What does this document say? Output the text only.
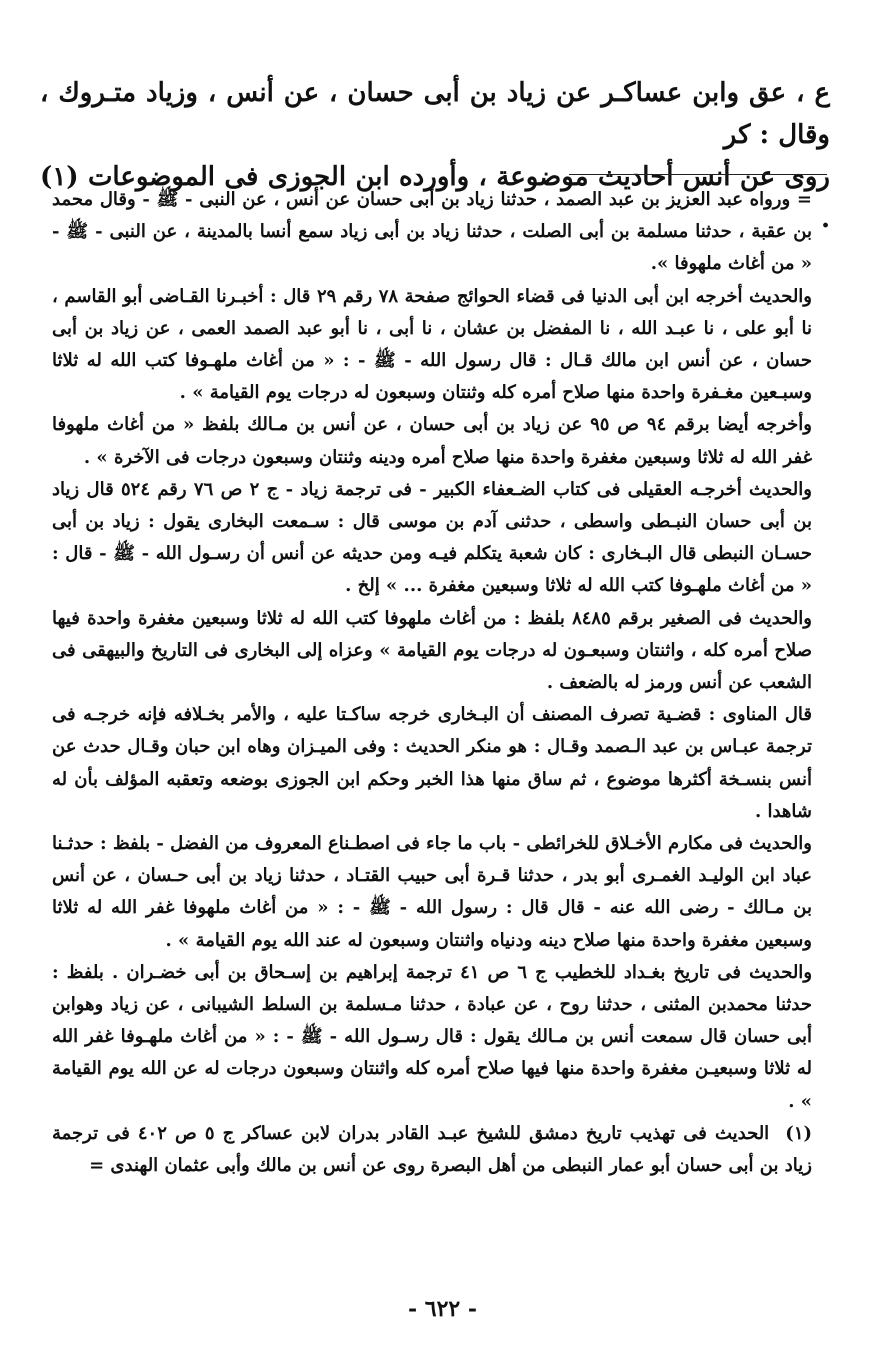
ع ، عق وابن عساكـر عن زياد بن أبى حسان ، عن أنس ، وزياد متـروك ، وقال : كر

روى عن أنس أحاديث موضوعة ، وأورده ابن الجوزى فى الموضوعات (١) .

= ورواه عبد العزيز بن عبد الصمد ، حدثنا زياد بن أبى حسان عن أنس ، عن النبى - ﷺ - وقال محمد بن عقبة ، حدثنا مسلمة بن أبى الصلت ، حدثنا زياد بن أبى زياد سمع أنسا بالمدينة ، عن النبى - ﷺ - « من أغاث ملهوفا ».

والحديث أخرجه ابن أبى الدنيا فى قضاء الحوائج صفحة ٧٨ رقم ٢٩ قال : أخبـرنا القـاضى أبو القاسم ، نا أبو على ، نا عبـد الله ، نا المفضل بن عشان ، نا أبى ، نا أبو عبد الصمد العمى ، عن زياد بن أبى حسان ، عن أنس ابن مالك قـال : قال رسول الله - ﷺ - : « من أغاث ملهـوفا كتب الله له ثلاثا وسبـعين مغـفرة واحدة منها صلاح أمره كله وثنتان وسبعون له درجات يوم القيامة » .

وأخرجه أيضا برقم ٩٤ ص ٩٥ عن زياد بن أبى حسان ، عن أنس بن مـالك بلفظ « من أغاث ملهوفا غفر الله له ثلاثا وسبعين مغفرة واحدة منها صلاح أمره ودينه وثنتان وسبعون درجات فى الآخرة » .

والحديث أخرجـه العقيلى فى كتاب الضـعفاء الكبير - فى ترجمة زياد - ج ٢ ص ٧٦ رقم ٥٢٤ قال زياد بن أبى حسان النبـطى واسطى ، حدثنى آدم بن موسى قال : سـمعت البخارى يقول : زياد بن أبى حسـان النبطى قال البـخارى : كان شعبة يتكلم فيـه ومن حديثه عن أنس أن رسـول الله - ﷺ - قال : « من أغاث ملهـوفا كتب الله له ثلاثا وسبعين مغفرة ... » إلخ .

والحديث فى الصغير برقم ٨٤٨٥ بلفظ : من أغاث ملهوفا كتب الله له ثلاثا وسبعين مغفرة واحدة فيها صلاح أمره كله ، واثنتان وسبعـون له درجات يوم القيامة » وعزاه إلى البخارى فى التاريخ والبيهقى فى الشعب عن أنس ورمز له بالضعف .

قال المناوى : قضـية تصرف المصنف أن البـخارى خرجه ساكـتا عليه ، والأمر بخـلافه فإنه خرجـه فى ترجمة عبـاس بن عبد الـصمد وقـال : هو منكر الحديث : وفى الميـزان وهاه ابن حبان وقـال حدث عن أنس بنسـخة أكثرها موضوع ، ثم ساق منها هذا الخبر وحكم ابن الجوزى بوضعه وتعقبه المؤلف بأن له شاهدا .

والحديث فى مكارم الأخـلاق للخرائطى - باب ما جاء فى اصطـناع المعروف من الفضل - بلفظ : حدثـنا عباد ابن الوليـد الغمـرى أبو بدر ، حدثنا قـرة أبى حبيب القتـاد ، حدثنا زياد بن أبى حـسان ، عن أنس بن مـالك - رضى الله عنه - قال قال : رسول الله - ﷺ - : « من أغاث ملهوفا غفر الله له ثلاثا وسبعين مغفرة واحدة منها صلاح دينه ودنياه واثنتان وسبعون له عند الله يوم القيامة » .

والحديث فى تاريخ بغـداد للخطيب ج ٦ ص ٤١ ترجمة إبراهيم بن إسـحاق بن أبى خضـران . بلفظ : حدثنا محمدبن المثنى ، حدثنا روح ، عن عبادة ، حدثنا مـسلمة بن السلط الشيبانى ، عن زياد وهوابن أبى حسان قال سمعت أنس بن مـالك يقول : قال رسـول الله - ﷺ - : « من أغاث ملهـوفا غفر الله له ثلاثا وسبعيـن مغفرة واحدة منها فيها صلاح أمره كله واثنتان وسبعون درجات له عن الله يوم القيامة » .

(١) الحديث فى تهذيب تاريخ دمشق للشيخ عبـد القادر بدران لابن عساكر ج ٥ ص ٤٠٢ فى ترجمة زياد بن أبى حسان أبو عمار النبطى من أهل البصرة روى عن أنس بن مالك وأبى عثمان الهندى =

- ٦٢٢ -
